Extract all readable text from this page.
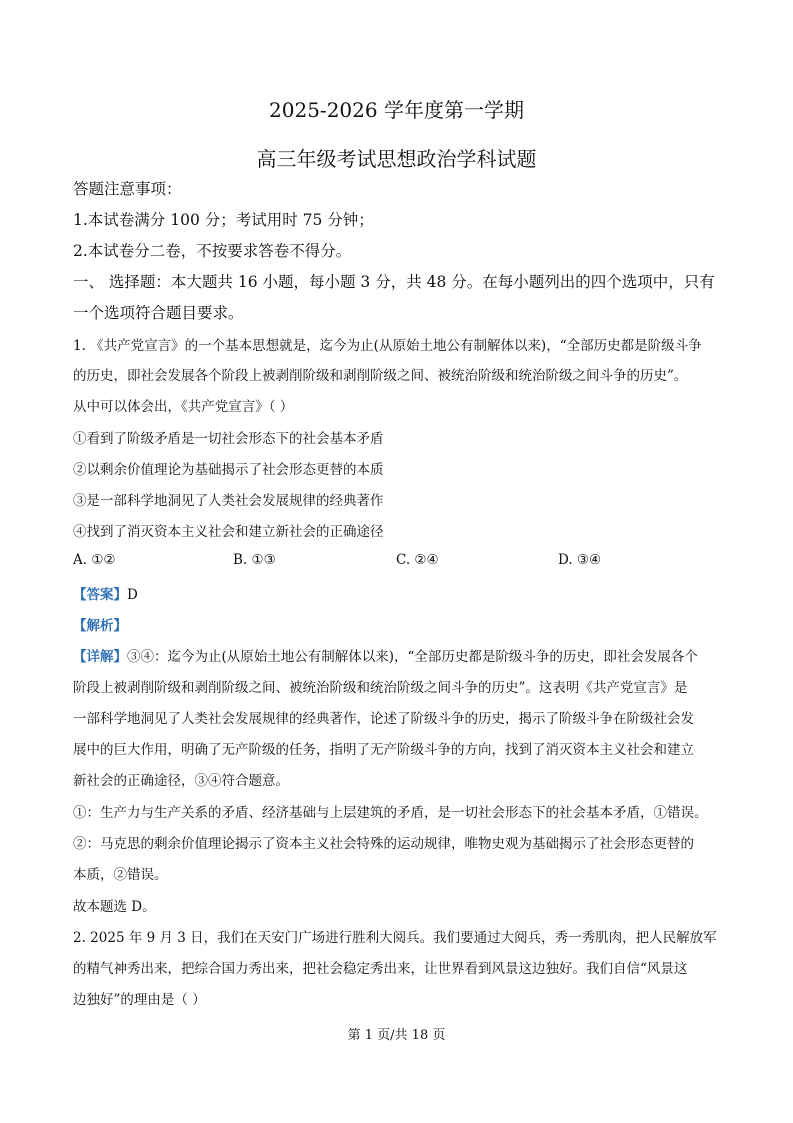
2025-2026 学年度第一学期
高三年级考试思想政治学科试题
答题注意事项：
1.本试卷满分 100 分；考试用时 75 分钟；
2.本试卷分二卷，不按要求答卷不得分。
一、 选择题：本大题共 16 小题，每小题 3 分，共 48 分。在每小题列出的四个选项中，只有
一个选项符合题目要求。
1. 《共产党宣言》的一个基本思想就是，迄今为止(从原始土地公有制解体以来)，“全部历史都是阶级斗争
的历史，即社会发展各个阶段上被剥削阶级和剥削阶级之间、被统治阶级和统治阶级之间斗争的历史”。
从中可以体会出，《共产党宣言》（ ）
①看到了阶级矛盾是一切社会形态下的社会基本矛盾
②以剩余价值理论为基础揭示了社会形态更替的本质
③是一部科学地洞见了人类社会发展规律的经典著作
④找到了消灭资本主义社会和建立新社会的正确途径
A. ①②	B. ①③	C. ②④	D. ③④
【答案】D
【解析】
【详解】③④：迄今为止(从原始土地公有制解体以来)，“全部历史都是阶级斗争的历史，即社会发展各个
阶段上被剥削阶级和剥削阶级之间、被统治阶级和统治阶级之间斗争的历史”。这表明《共产党宣言》是
一部科学地洞见了人类社会发展规律的经典著作，论述了阶级斗争的历史，揭示了阶级斗争在阶级社会发
展中的巨大作用，明确了无产阶级的任务，指明了无产阶级斗争的方向，找到了消灭资本主义社会和建立
新社会的正确途径，③④符合题意。
①：生产力与生产关系的矛盾、经济基础与上层建筑的矛盾，是一切社会形态下的社会基本矛盾，①错误。
②：马克思的剩余价值理论揭示了资本主义社会特殊的运动规律，唯物史观为基础揭示了社会形态更替的
本质，②错误。
故本题选 D。
2. 2025 年 9 月 3 日，我们在天安门广场进行胜利大阅兵。我们要通过大阅兵，秀一秀肌肉，把人民解放军
的精气神秀出来，把综合国力秀出来，把社会稳定秀出来，让世界看到风景这边独好。我们自信“风景这
边独好”的理由是（ ）
第 1 页/共 18 页
